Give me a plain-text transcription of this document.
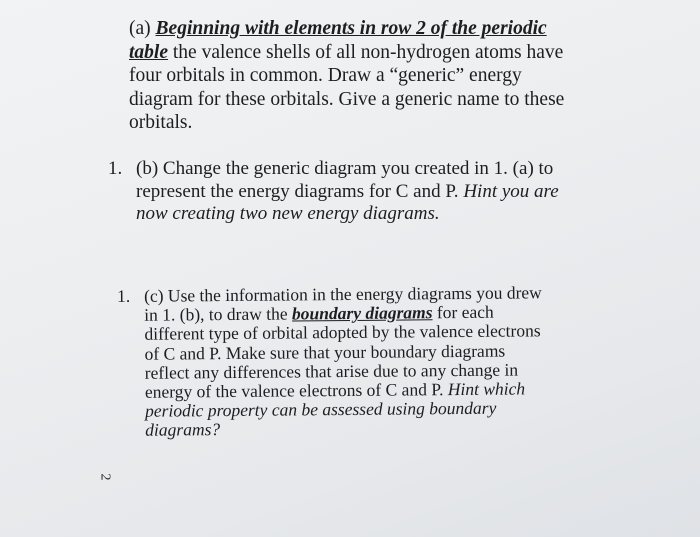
(a) Beginning with elements in row 2 of the periodic
table the valence shells of all non-hydrogen atoms have
four orbitals in common. Draw a “generic” energy
diagram for these orbitals. Give a generic name to these
orbitals.
1. (b) Change the generic diagram you created in 1. (a) to
represent the energy diagrams for C and P. Hint you are
now creating two new energy diagrams.
1. (c) Use the information in the energy diagrams you drew
in 1. (b), to draw the boundary diagrams for each
different type of orbital adopted by the valence electrons
of C and P. Make sure that your boundary diagrams
reflect any differences that arise due to any change in
energy of the valence electrons of C and P. Hint which
periodic property can be assessed using boundary
diagrams?
2
